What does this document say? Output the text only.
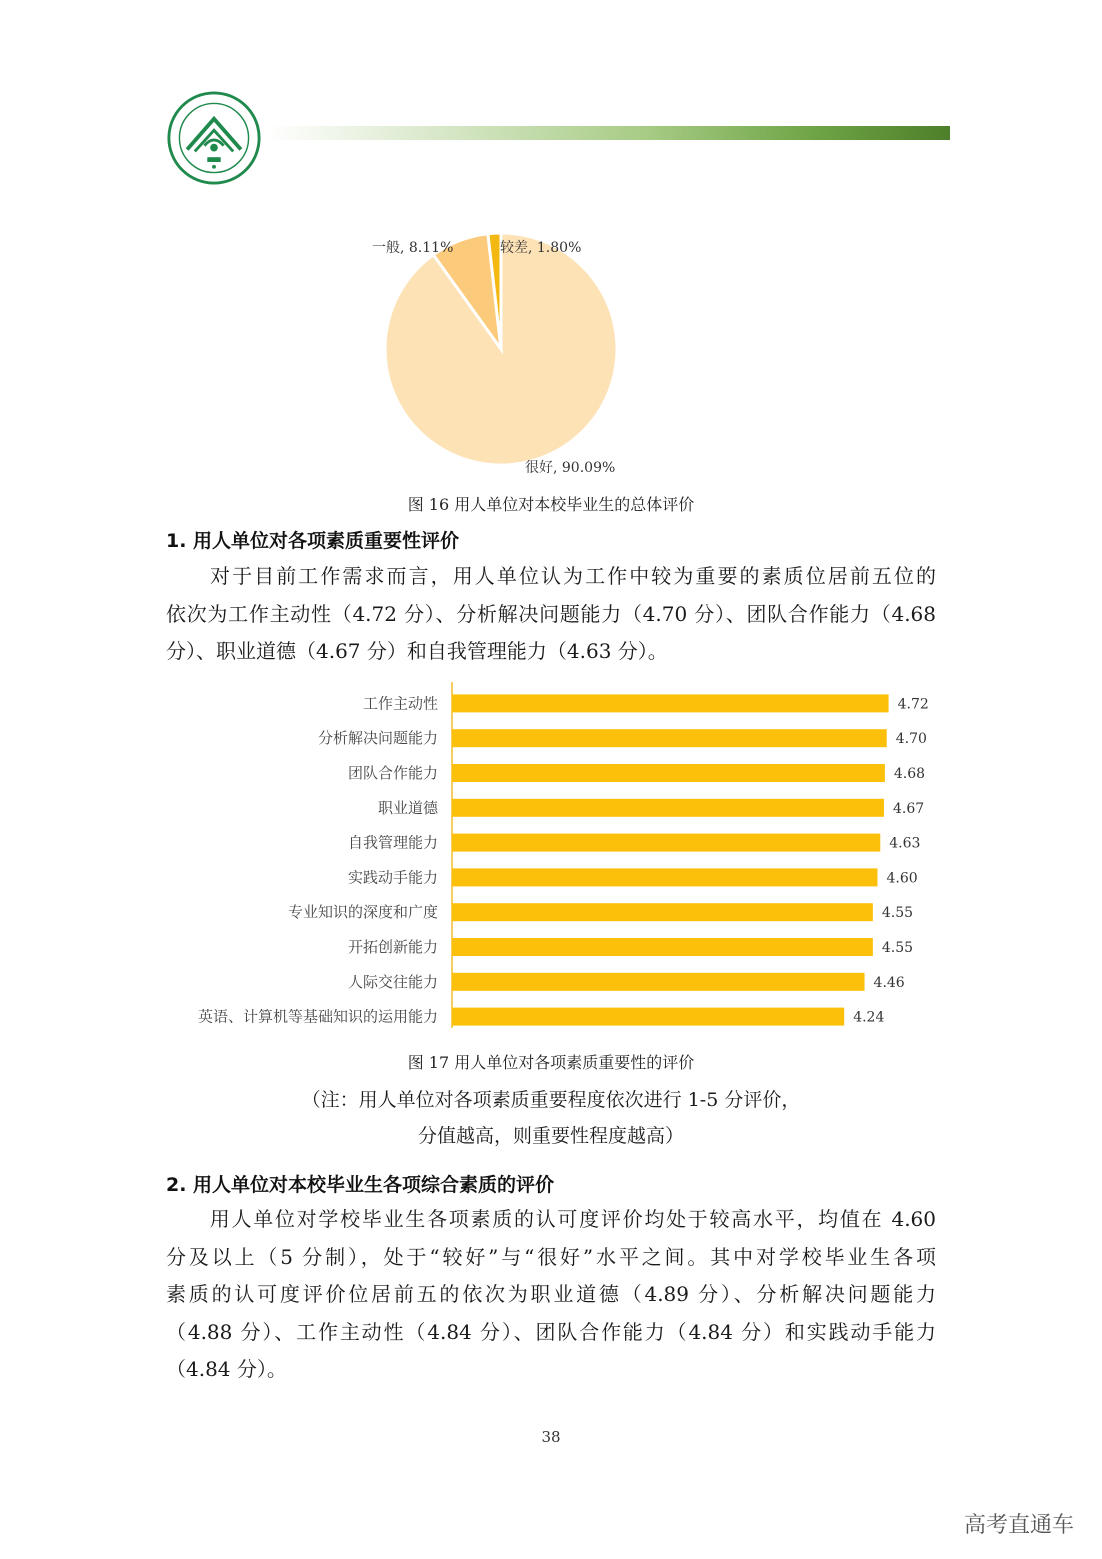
一般, 8.11%	较差, 1.80%
很好, 90.09%
图 16 用人单位对本校毕业生的总体评价
1. 用人单位对各项素质重要性评价
对于目前工作需求而言，用人单位认为工作中较为重要的素质位居前五位的
依次为工作主动性（4.72 分）、分析解决问题能力（4.70 分）、团队合作能力（4.68
分）、职业道德（4.67 分）和自我管理能力（4.63 分）。
工作主动性	4.72
分析解决问题能力	4.70
团队合作能力	4.68
职业道德	4.67
自我管理能力	4.63
实践动手能力	4.60
专业知识的深度和广度	4.55
开拓创新能力	4.55
人际交往能力	4.46
英语、计算机等基础知识的运用能力	4.24
图 17 用人单位对各项素质重要性的评价
（注：用人单位对各项素质重要程度依次进行 1-5 分评价，
分值越高，则重要性程度越高）
2. 用人单位对本校毕业生各项综合素质的评价
用人单位对学校毕业生各项素质的认可度评价均处于较高水平，均值在 4.60
分及以上（5 分制），处于“较好”与“很好”水平之间。其中对学校毕业生各项
素质的认可度评价位居前五的依次为职业道德（4.89 分）、分析解决问题能力
（4.88 分）、工作主动性（4.84 分）、团队合作能力（4.84 分）和实践动手能力
（4.84 分）。
38
高考直通车
